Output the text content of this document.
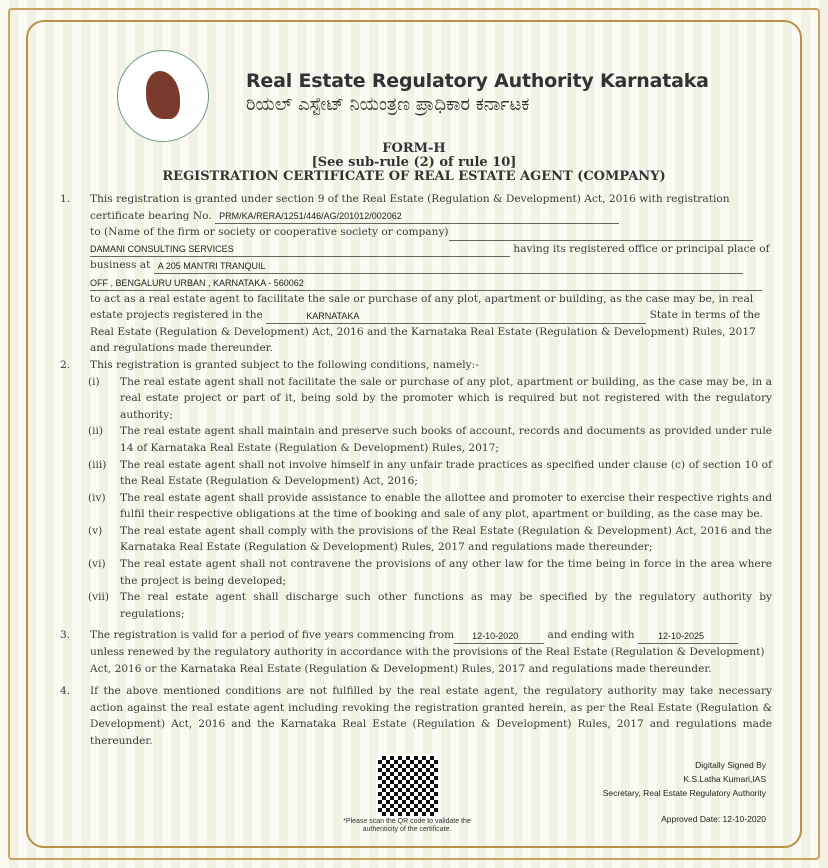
Real Estate Regulatory Authority Karnataka
ರಿಯಲ್ ಎಸ್ಟೇಟ್ ನಿಯಂತ್ರಣ ಪ್ರಾಧಿಕಾರ ಕರ್ನಾಟಕ
FORM-H
[See sub-rule (2) of rule 10]
REGISTRATION CERTIFICATE OF REAL ESTATE AGENT (COMPANY)
1.	This registration is granted under section 9 of the Real Estate (Regulation & Development) Act, 2016 with registration certificate bearing No. PRM/KA/RERA/1251/446/AG/201012/002062
to (Name of the firm or society or cooperative society or company)
DAMANI CONSULTING SERVICES	having its registered office or principal place of business at A 205 MANTRI TRANQUIL
OFF , BENGALURU URBAN , KARNATAKA - 560062
to act as a real estate agent to facilitate the sale or purchase of any plot, apartment or building, as the case may be, in real estate projects registered in the	KARNATAKA	State in terms of the Real Estate (Regulation & Development) Act, 2016 and the Karnataka Real Estate (Regulation & Development) Rules, 2017 and regulations made thereunder.
2.	This registration is granted subject to the following conditions, namely:-
(i)	The real estate agent shall not facilitate the sale or purchase of any plot, apartment or building, as the case may be, in a real estate project or part of it, being sold by the promoter which is required but not registered with the regulatory authority;
(ii)	The real estate agent shall maintain and preserve such books of account, records and documents as provided under rule 14 of Karnataka Real Estate (Regulation & Development) Rules, 2017;
(iii)	The real estate agent shall not involve himself in any unfair trade practices as specified under clause (c) of section 10 of the Real Estate (Regulation & Development) Act, 2016;
(iv)	The real estate agent shall provide assistance to enable the allottee and promoter to exercise their respective rights and fulfil their respective obligations at the time of booking and sale of any plot, apartment or building, as the case may be.
(v)	The real estate agent shall comply with the provisions of the Real Estate (Regulation & Development) Act, 2016 and the Karnataka Real Estate (Regulation & Development) Rules, 2017 and regulations made thereunder;
(vi)	The real estate agent shall not contravene the provisions of any other law for the time being in force in the area where the project is being developed;
(vii)	The real estate agent shall discharge such other functions as may be specified by the regulatory authority by regulations;
3.	The registration is valid for a period of five years commencing from 12-10-2020 and ending with 12-10-2025 unless renewed by the regulatory authority in accordance with the provisions of the Real Estate (Regulation & Development) Act, 2016 or the Karnataka Real Estate (Regulation & Development) Rules, 2017 and regulations made thereunder.
4.	If the above mentioned conditions are not fulfilled by the real estate agent, the regulatory authority may take necessary action against the real estate agent including revoking the registration granted herein, as per the Real Estate (Regulation & Development) Act, 2016 and the Karnataka Real Estate (Regulation & Development) Rules, 2017 and regulations made thereunder.
*Please scan the QR code to validate the authenticity of the certificate.
Digitally Signed By
K.S.Latha Kumari,IAS
Secretary, Real Estate Regulatory Authority
Approved Date: 12-10-2020
